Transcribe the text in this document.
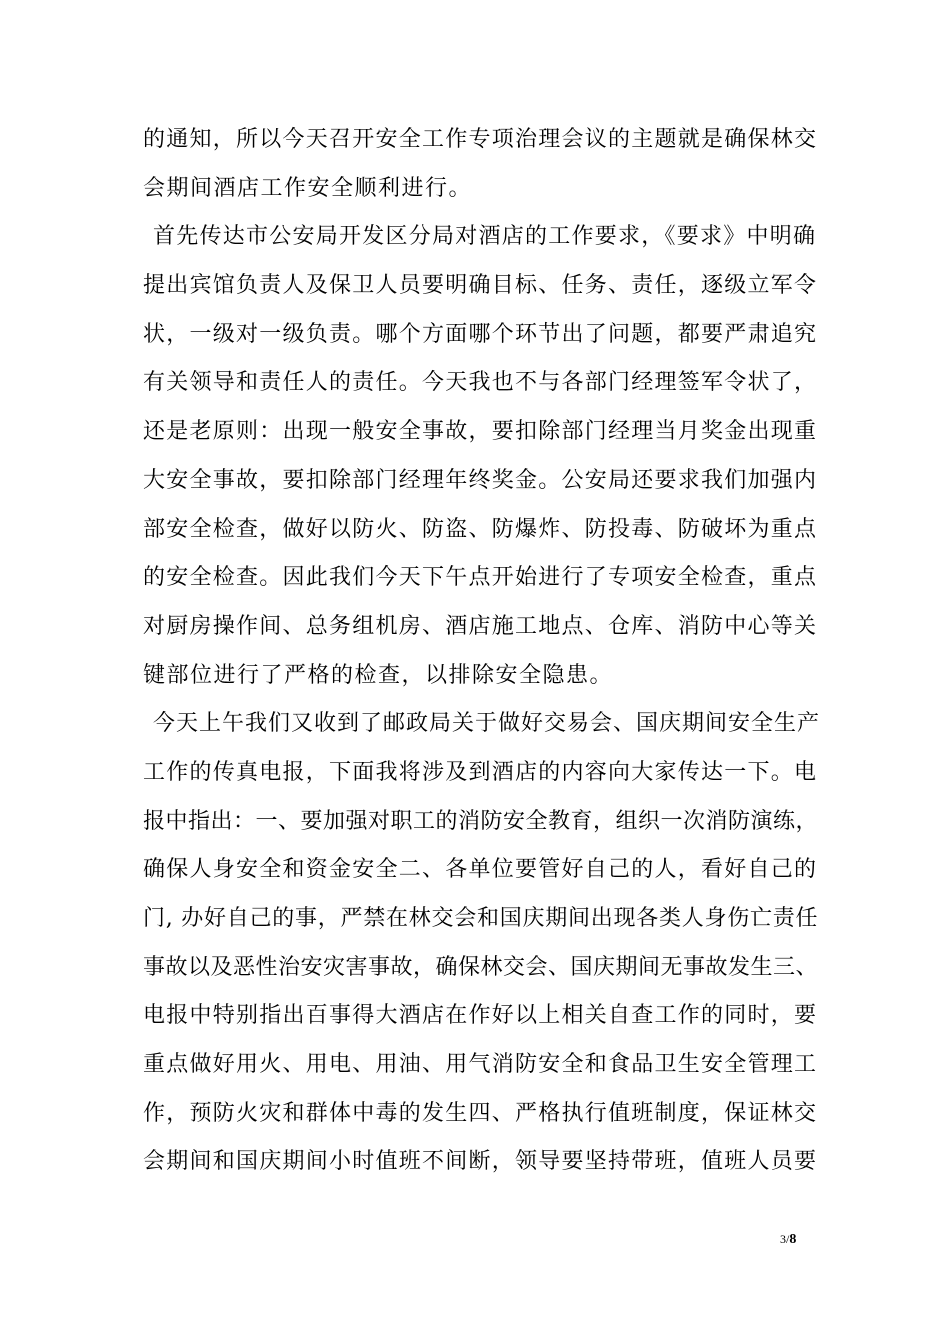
的通知，所以今天召开安全工作专项治理会议的主题就是确保林交
会期间酒店工作安全顺利进行。
首先传达市公安局开发区分局对酒店的工作要求，《要求》中明确
提出宾馆负责人及保卫人员要明确目标、任务、责任，逐级立军令
状，一级对一级负责。哪个方面哪个环节出了问题，都要严肃追究
有关领导和责任人的责任。今天我也不与各部门经理签军令状了，
还是老原则：出现一般安全事故，要扣除部门经理当月奖金出现重
大安全事故，要扣除部门经理年终奖金。公安局还要求我们加强内
部安全检查，做好以防火、防盗、防爆炸、防投毒、防破坏为重点
的安全检查。因此我们今天下午点开始进行了专项安全检查，重点
对厨房操作间、总务组机房、酒店施工地点、仓库、消防中心等关
键部位进行了严格的检查，以排除安全隐患。
今天上午我们又收到了邮政局关于做好交易会、国庆期间安全生产
工作的传真电报，下面我将涉及到酒店的内容向大家传达一下。电
报中指出：一、要加强对职工的消防安全教育，组织一次消防演练，
确保人身安全和资金安全二、各单位要管好自己的人，看好自己的
门, 办好自己的事，严禁在林交会和国庆期间出现各类人身伤亡责任
事故以及恶性治安灾害事故，确保林交会、国庆期间无事故发生三、
电报中特别指出百事得大酒店在作好以上相关自查工作的同时，要
重点做好用火、用电、用油、用气消防安全和食品卫生安全管理工
作，预防火灾和群体中毒的发生四、严格执行值班制度，保证林交
会期间和国庆期间小时值班不间断，领导要坚持带班，值班人员要
3/8
